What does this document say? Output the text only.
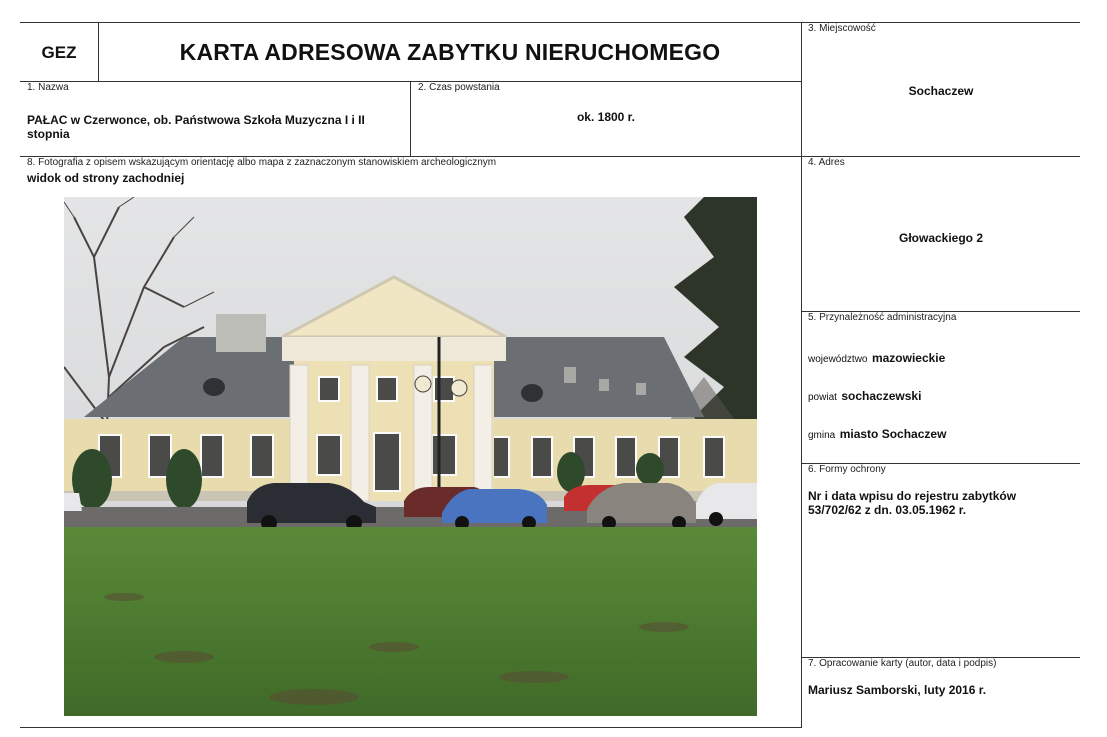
GEZ	KARTA ADRESOWA ZABYTKU NIERUCHOMEGO
3. Miejscowość
Sochaczew
1. Nazwa
PAŁAC w Czerwonce, ob. Państwowa Szkoła Muzyczna I i II stopnia
2. Czas powstania
ok. 1800 r.
8. Fotografia z opisem wskazującym orientację albo mapa z zaznaczonym stanowiskiem archeologicznym
widok od strony zachodniej
4. Adres
Głowackiego 2
5. Przynależność administracyjna
województwo mazowieckie
powiat sochaczewski
gmina miasto Sochaczew
6. Formy ochrony
Nr i data wpisu do rejestru zabytków
53/702/62 z dn. 03.05.1962 r.
7. Opracowanie karty (autor, data i podpis)
Mariusz Samborski, luty 2016 r.
